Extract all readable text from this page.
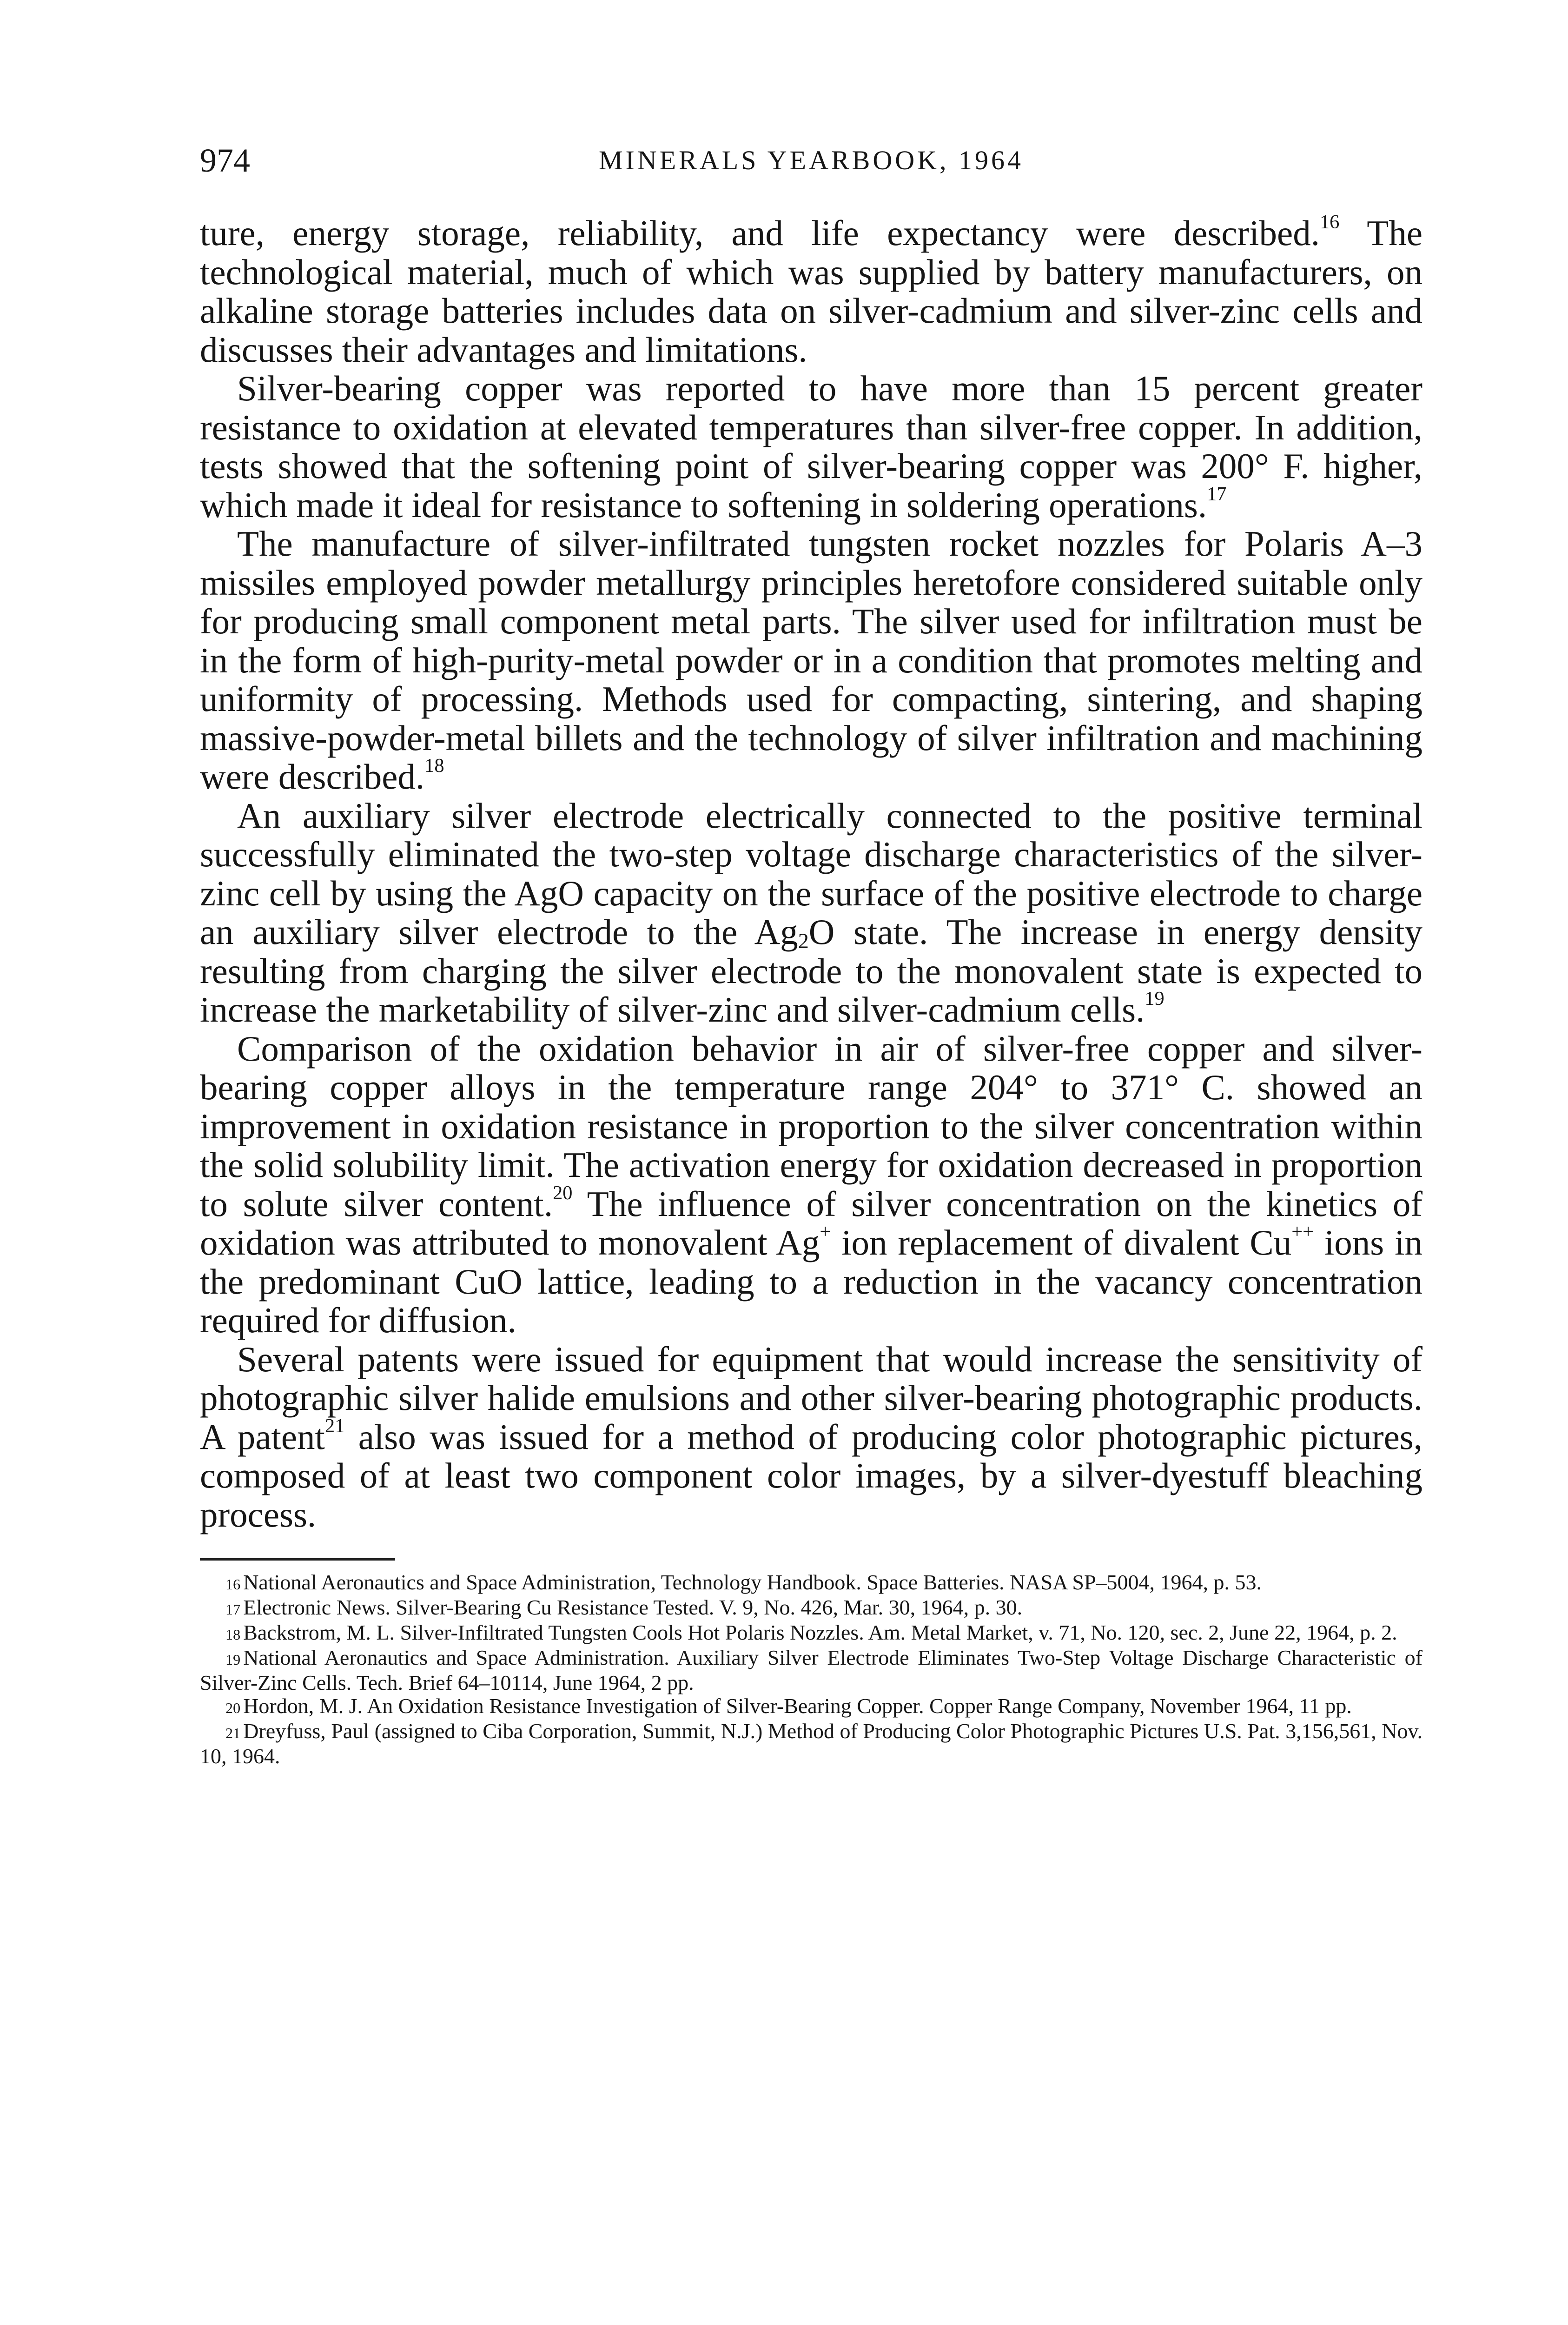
974	MINERALS YEARBOOK, 1964

ture, energy storage, reliability, and life expectancy were described.$^{16}$ The technological material, much of which was supplied by battery manufacturers, on alkaline storage batteries includes data on silver-cadmium and silver-zinc cells and discusses their advantages and limitations.

Silver-bearing copper was reported to have more than 15 percent greater resistance to oxidation at elevated temperatures than silver-free copper. In addition, tests showed that the softening point of silver-bearing copper was 200° F. higher, which made it ideal for resistance to softening in soldering operations.$^{17}$

The manufacture of silver-infiltrated tungsten rocket nozzles for Polaris A–3 missiles employed powder metallurgy principles heretofore considered suitable only for producing small component metal parts. The silver used for infiltration must be in the form of high-purity-metal powder or in a condition that promotes melting and uniformity of processing. Methods used for compacting, sintering, and shaping massive-powder-metal billets and the technology of silver infiltration and machining were described.$^{18}$

An auxiliary silver electrode electrically connected to the positive terminal successfully eliminated the two-step voltage discharge characteristics of the silver-zinc cell by using the AgO capacity on the surface of the positive electrode to charge an auxiliary silver electrode to the $Ag_2O$ state. The increase in energy density resulting from charging the silver electrode to the monovalent state is expected to increase the marketability of silver-zinc and silver-cadmium cells.$^{19}$

Comparison of the oxidation behavior in air of silver-free copper and silver-bearing copper alloys in the temperature range 204° to 371° C. showed an improvement in oxidation resistance in proportion to the silver concentration within the solid solubility limit. The activation energy for oxidation decreased in proportion to solute silver content.$^{20}$ The influence of silver concentration on the kinetics of oxidation was attributed to monovalent Ag+ ion replacement of divalent Cu++ ions in the predominant CuO lattice, leading to a reduction in the vacancy concentration required for diffusion.

Several patents were issued for equipment that would increase the sensitivity of photographic silver halide emulsions and other silver-bearing photographic products. A patent$^{21}$ also was issued for a method of producing color photographic pictures, composed of at least two component color images, by a silver-dyestuff bleaching process.

16 National Aeronautics and Space Administration, Technology Handbook. Space Batteries. NASA SP–5004, 1964, p. 53.

17 Electronic News. Silver-Bearing Cu Resistance Tested. V. 9, No. 426, Mar. 30, 1964, p. 30.

18 Backstrom, M. L. Silver-Infiltrated Tungsten Cools Hot Polaris Nozzles. Am. Metal Market, v. 71, No. 120, sec. 2, June 22, 1964, p. 2.

19 National Aeronautics and Space Administration. Auxiliary Silver Electrode Eliminates Two-Step Voltage Discharge Characteristic of Silver-Zinc Cells. Tech. Brief 64–10114, June 1964, 2 pp.

20 Hordon, M. J. An Oxidation Resistance Investigation of Silver-Bearing Copper. Copper Range Company, November 1964, 11 pp.

21 Dreyfuss, Paul (assigned to Ciba Corporation, Summit, N.J.) Method of Producing Color Photographic Pictures U.S. Pat. 3,156,561, Nov. 10, 1964.
